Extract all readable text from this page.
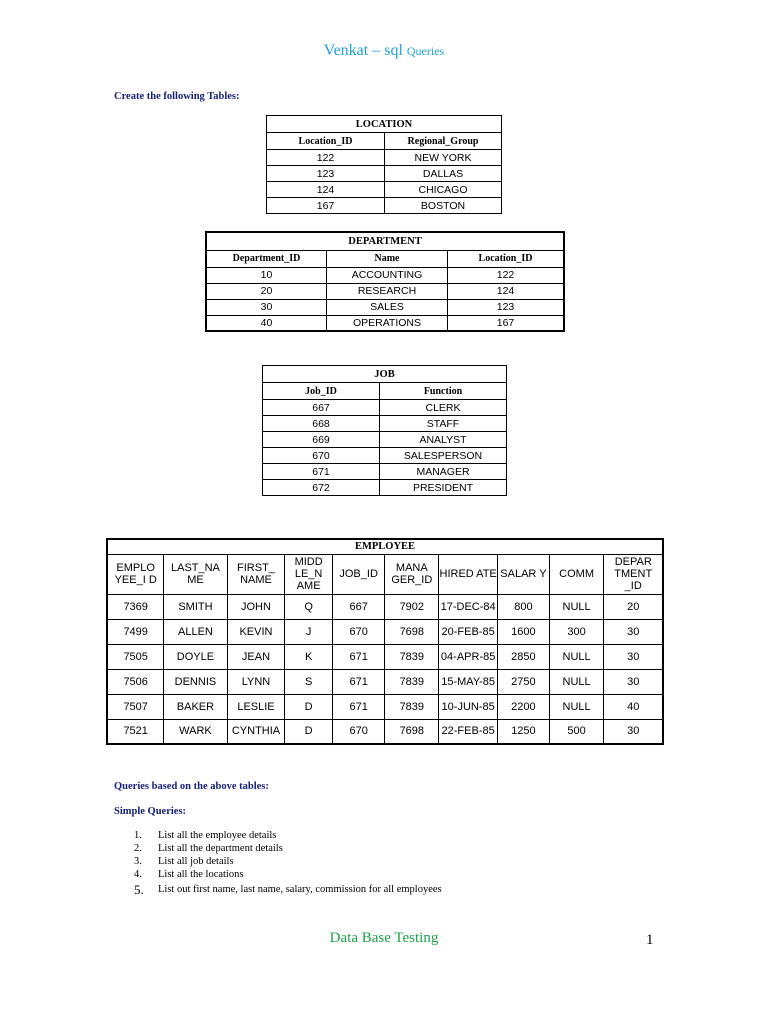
Venkat – sql Queries
Create the following Tables:
LOCATION	
Location_ID	Regional_Group
122	NEW YORK
123	DALLAS
124	CHICAGO
167	BOSTON
DEPARTMENT		
Department_ID	Name	Location_ID
10	ACCOUNTING	122
20	RESEARCH	124
30	SALES	123
40	OPERATIONS	167
JOB	
Job_ID	Function
667	CLERK
668	STAFF
669	ANALYST
670	SALESPERSON
671	MANAGER
672	PRESIDENT
EMPLOYEE									
EMPLO YEE_I D	LAST_NA ME	FIRST_ NAME	MIDD LE_N AME	JOB_ID	MANA GER_ID	HIRED ATE	SALAR Y	COMM	DEPAR TMENT _ID
7369	SMITH	JOHN	Q	667	7902	17-DEC-84	800	NULL	20
7499	ALLEN	KEVIN	J	670	7698	20-FEB-85	1600	300	30
7505	DOYLE	JEAN	K	671	7839	04-APR-85	2850	NULL	30
7506	DENNIS	LYNN	S	671	7839	15-MAY-85	2750	NULL	30
7507	BAKER	LESLIE	D	671	7839	10-JUN-85	2200	NULL	40
7521	WARK	CYNTHIA	D	670	7698	22-FEB-85	1250	500	30
Queries based on the above tables:
Simple Queries:
1. List all the employee details
2. List all the department details
3. List all job details
4. List all the locations
5. List out first name, last name, salary, commission for all employees
Data Base Testing	1
